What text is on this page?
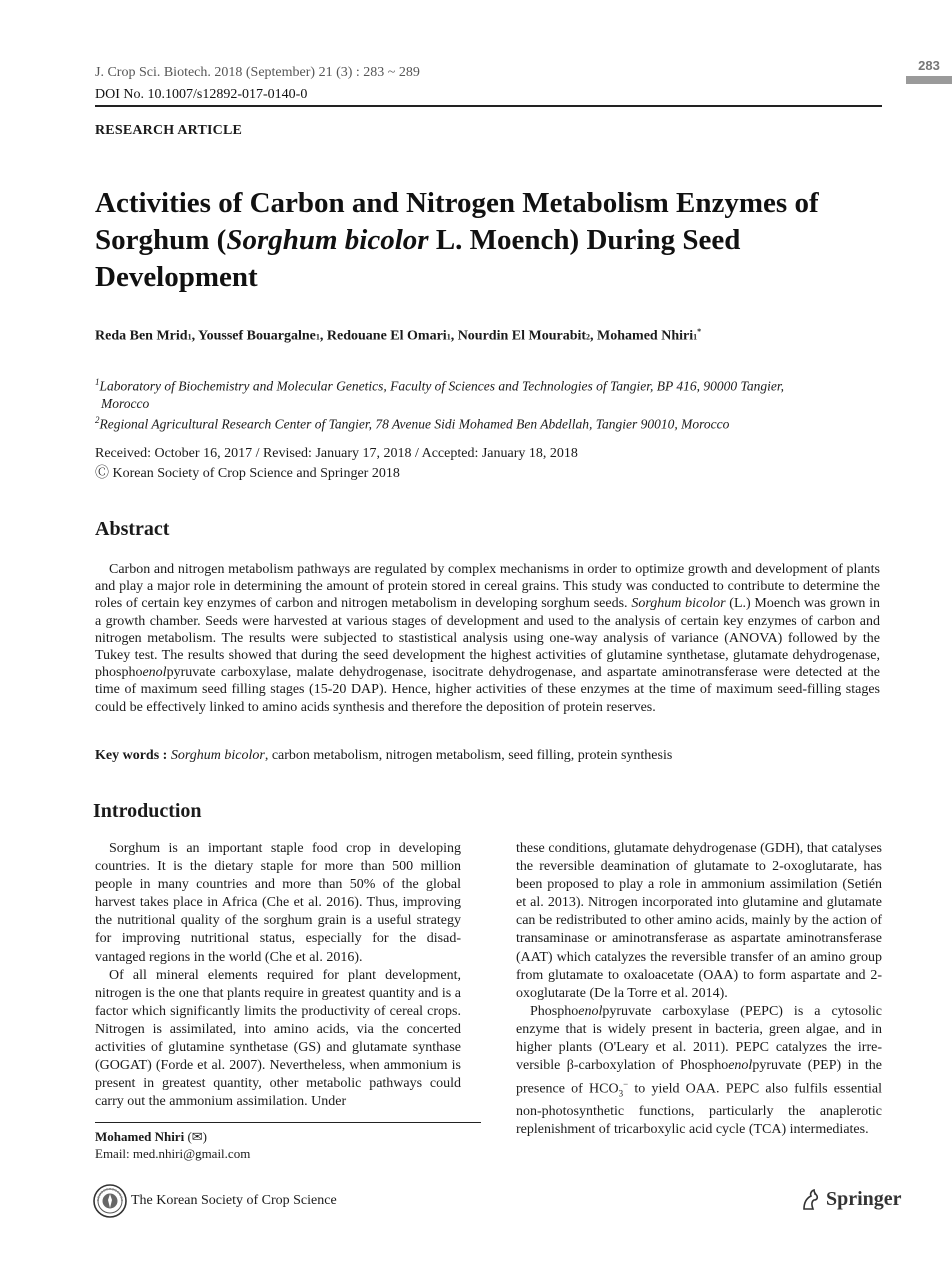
J. Crop Sci. Biotech. 2018 (September) 21 (3) : 283 ~ 289
DOI No. 10.1007/s12892-017-0140-0
283
RESEARCH ARTICLE
Activities of Carbon and Nitrogen Metabolism Enzymes of Sorghum (Sorghum bicolor L. Moench) During Seed Development
Reda Ben Mrid1, Youssef Bouargalne1, Redouane El Omari1, Nourdin El Mourabit2, Mohamed Nhiri1*
$^1$Laboratory of Biochemistry and Molecular Genetics, Faculty of Sciences and Technologies of Tangier, BP 416, 90000 Tangier,
Morocco
$^2$Regional Agricultural Research Center of Tangier, 78 Avenue Sidi Mohamed Ben Abdellah, Tangier 90010, Morocco
Received: October 16, 2017 / Revised: January 17, 2018 / Accepted: January 18, 2018
Ⓒ Korean Society of Crop Science and Springer 2018
Abstract

Carbon and nitrogen metabolism pathways are regulated by complex mechanisms in order to optimize growth and development of plants and play a major role in determining the amount of protein stored in cereal grains. This study was conducted to contribute to determine the roles of certain key enzymes of carbon and nitrogen metabolism in developing sorghum seeds. Sorghum bicolor (L.) Moench was grown in a growth chamber. Seeds were harvested at various stages of development and used to the analysis of certain key enzymes of carbon and nitrogen metabolism. The results were subjected to stastistical analysis using one-way analysis of variance (ANOVA) followed by the Tukey test. The results showed that during the seed development the highest activities of glutamine synthetase, glutamate dehydrogenase, phosphoenolpyruvate carboxylase, malate dehydrogenase, isocitrate dehydrogenase, and aspartate aminotransferase were detected at the time of maximum seed filling stages (15-20 DAP). Hence, higher activities of these enzymes at the time of maximum seed-filling stages could be effectively linked to amino acids synthesis and therefore the deposition of protein reserves.

Key words : Sorghum bicolor, carbon metabolism, nitrogen metabolism, seed filling, protein synthesis
Introduction

Sorghum is an important staple food crop in developing countries. It is the dietary staple for more than 500 million people in many countries and more than 50% of the global harvest takes place in Africa (Che et al. 2016). Thus, improving the nutritional quality of the sorghum grain is a useful strategy for improving nutritional status, especially for the disad-vantaged regions in the world (Che et al. 2016).

Of all mineral elements required for plant development, nitrogen is the one that plants require in greatest quantity and is a factor which significantly limits the productivity of cereal crops. Nitrogen is assimilated, into amino acids, via the concerted activities of glutamine synthetase (GS) and glutamate synthase (GOGAT) (Forde et al. 2007). Nevertheless, when ammonium is present in greatest quantity, other metabolic pathways could carry out the ammonium assimilation. Under

these conditions, glutamate dehydrogenase (GDH), that catalyses the reversible deamination of glutamate to 2-oxoglutarate, has been proposed to play a role in ammonium assimilation (Setién et al. 2013). Nitrogen incorporated into glutamine and glutamate can be redistributed to other amino acids, mainly by the action of transaminase or aminotransferase as aspartate aminotransferase (AAT) which catalyzes the reversible transfer of an amino group from glutamate to oxaloacetate (OAA) to form aspartate and 2-oxoglutarate (De la Torre et al. 2014).

Phosphoenolpyruvate carboxylase (PEPC) is a cytosolic enzyme that is widely present in bacteria, green algae, and in higher plants (O'Leary et al. 2011). PEPC catalyzes the irre-versible β-carboxylation of Phosphoenolpyruvate (PEP) in the presence of $HCO_3^-$ to yield OAA. PEPC also fulfils essential non-photosynthetic functions, particularly the anaplerotic replenishment of tricarboxylic acid cycle (TCA) intermediates.

Mohamed Nhiri (✉)
Email: med.nhiri@gmail.com
The Korean Society of Crop Science	Springer
